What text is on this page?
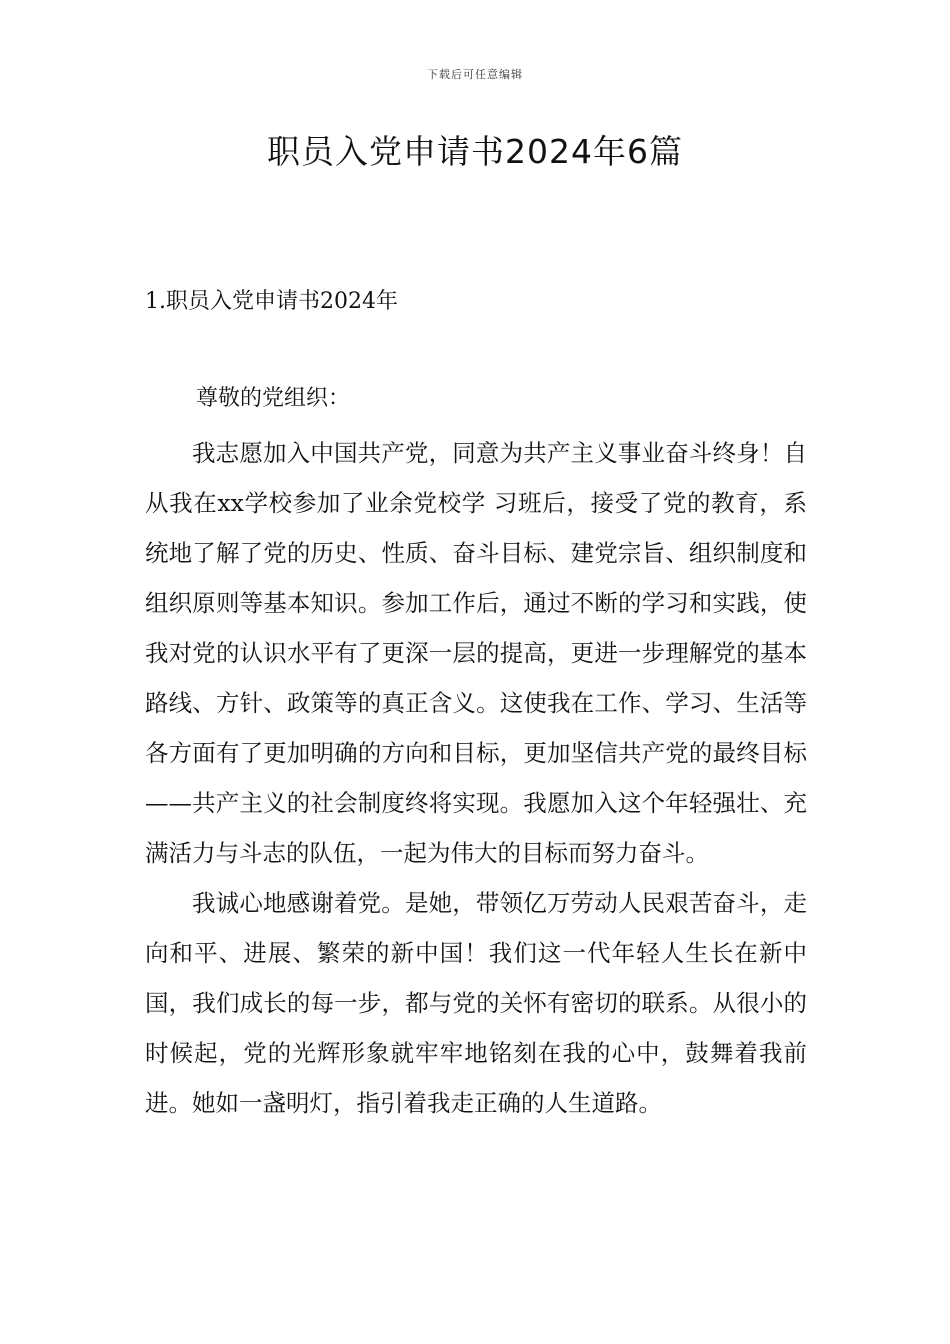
下载后可任意编辑
职员入党申请书2024年6篇
1.职员入党申请书2024年

尊敬的党组织：

我志愿加入中国共产党，同意为共产主义事业奋斗终身！自从我在xx学校参加了业余党校学 习班后，接受了党的教育，系统地了解了党的历史、性质、奋斗目标、建党宗旨、组织制度和组织原则等基本知识。参加工作后，通过不断的学习和实践，使我对党的认识水平有了更深一层的提高，更进一步理解党的基本路线、方针、政策等的真正含义。这使我在工作、学习、生活等各方面有了更加明确的方向和目标，更加坚信共产党的最终目标——共产主义的社会制度终将实现。我愿加入这个年轻强壮、充满活力与斗志的队伍，一起为伟大的目标而努力奋斗。

我诚心地感谢着党。是她，带领亿万劳动人民艰苦奋斗，走向和平、进展、繁荣的新中国！我们这一代年轻人生长在新中国，我们成长的每一步，都与党的关怀有密切的联系。从很小的时候起，党的光辉形象就牢牢地铭刻在我的心中，鼓舞着我前进。她如一盏明灯，指引着我走正确的人生道路。
